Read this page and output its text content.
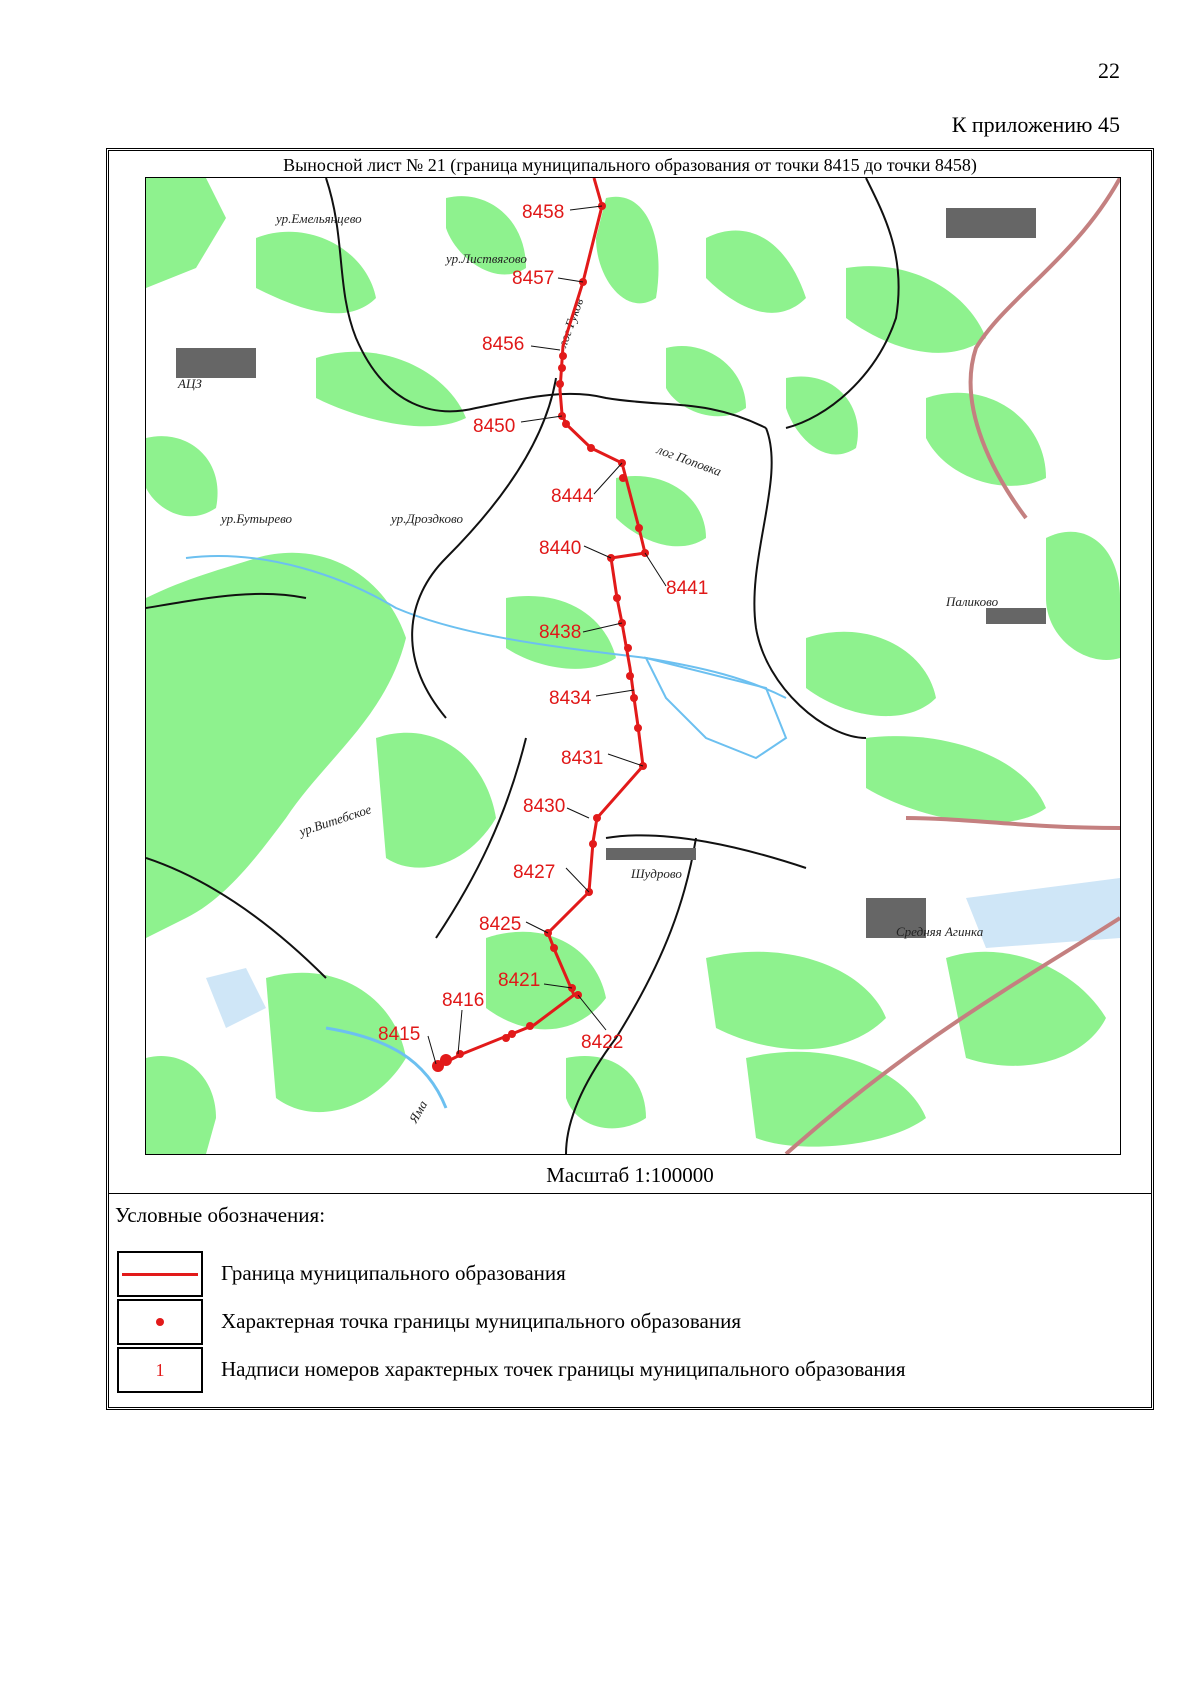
22
К приложению 45
Выносной лист № 21 (граница муниципального образования от точки 8415 до точки 8458)
ур.Емельянцево
ур.Листвягово
лог Гуков
ур.Бутырево	ур.Дроздково
лог Поповка
ур.Витебское
Шудрово
Средняя Агинка
Паликово
Яма
АЦЗ
8458
8457
8456
8450
8444
8440
8441
8438
8434
8431
8430
8427
8425
8421
8416
8415	8422
Масштаб 1:100000
Условные обозначения:
Граница муниципального образования
Характерная точка границы муниципального образования
1	Надписи номеров характерных точек границы муниципального образования
